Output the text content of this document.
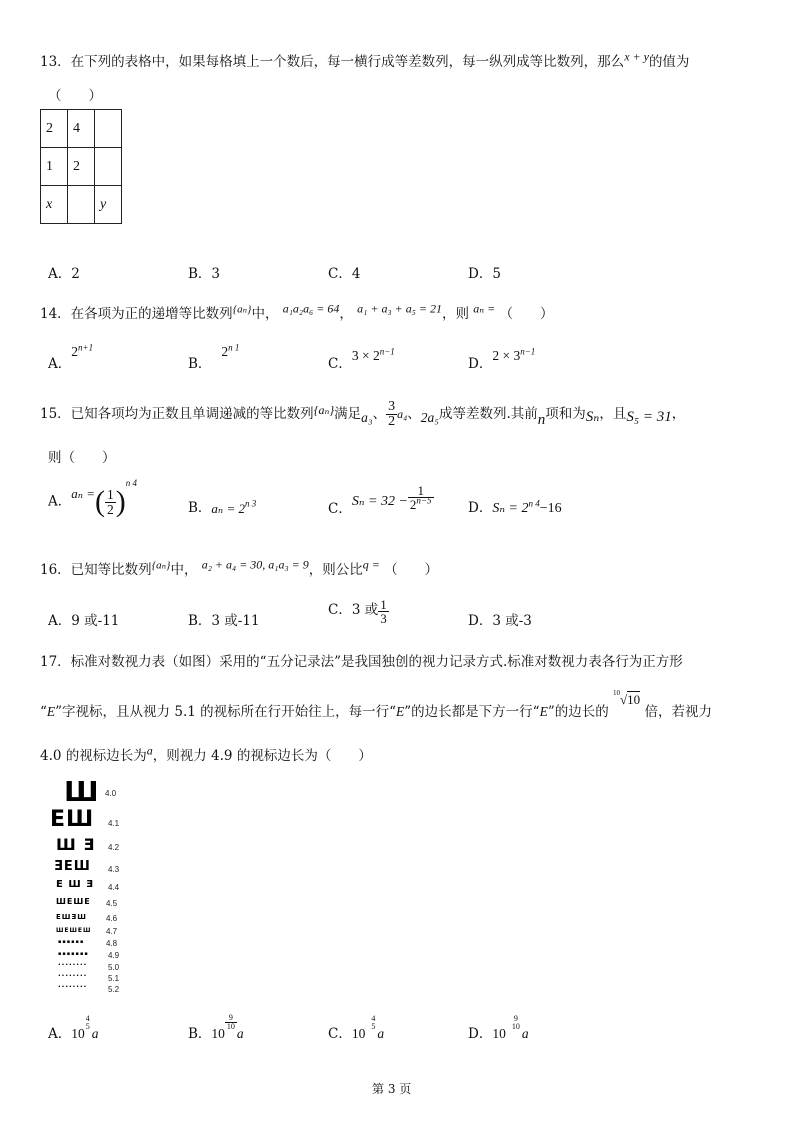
13．在下列的表格中，如果每格填上一个数后，每一横行成等差数列，每一纵列成等比数列，那么$^{x + y}$的值为
（　　）
2	4	
1	2	
x		y
A．2	B．3	C．4	D．5
14．在各项为正的递增等比数列$^{\{a_n\}}$中， $^{a_1a_2a_6 = 64}$， $^{a_1 + a_3 + a_5 = 21}$，则 $^{a_n =}$ （　　）
A．$2^{n+1}$
B．$2^{n 1}$
C．$3 \times 2^{n-1}$
D．$2 \times 3^{n-1}$
15．已知各项均为正数且单调递减的等比数列{aₙ}满足a₃、 $\frac{3}{2} a_4$、2a₅成等差数列.其前n项和为Sₙ，且S₅ = 31，
则（　　）
A．aₙ =( $\frac{1}{2} )^{n 4}$
B．$a_n = 2^{n 3}$	C．$S_n = 32 - \frac{1}{2^{n-5}}$	D．$S_n = 2^{n 4}-16$
16．已知等比数列$^{\{a_n\}}$中， $^{a_2 + a_4 = 30, a_1a_3 = 9}$，则公比$^{q =}$ （　　）
A．9 或-11	B．3 或-11
C．3 或 $\frac{1}{3}$	D．3 或-3
17．标准对数视力表（如图）采用的“五分记录法”是我国独创的视力记录方式.标准对数视力表各行为正方形
“E”字视标，且从视力 5.1 的视标所在行开始往上，每一行“E”的边长都是下方一行“E”的边长的 $^{10}$√10 倍，若视力
4.0 的视标边长为$^a$，则视力 4.9 的视标边长为（　　）
Ш 4.0
ЕШ 4.1
Ш Ǝ 4.2
ƎЕШ 4.3
Е Ш Ǝ 4.4
ШЕШЕ 4.5
ЕШƎШ 4.6
ШЕШЕШ 4.7
▪▪▪▪▪▪	4.8
▪▪▪▪▪▪▪ 4.9
········	5.0
········	5.1
········	5.2
A．10
4
5 a	B．10
$\frac{9}{10}$
a	C．10
4
5 a	D．10
9
10 a
第 3 页
